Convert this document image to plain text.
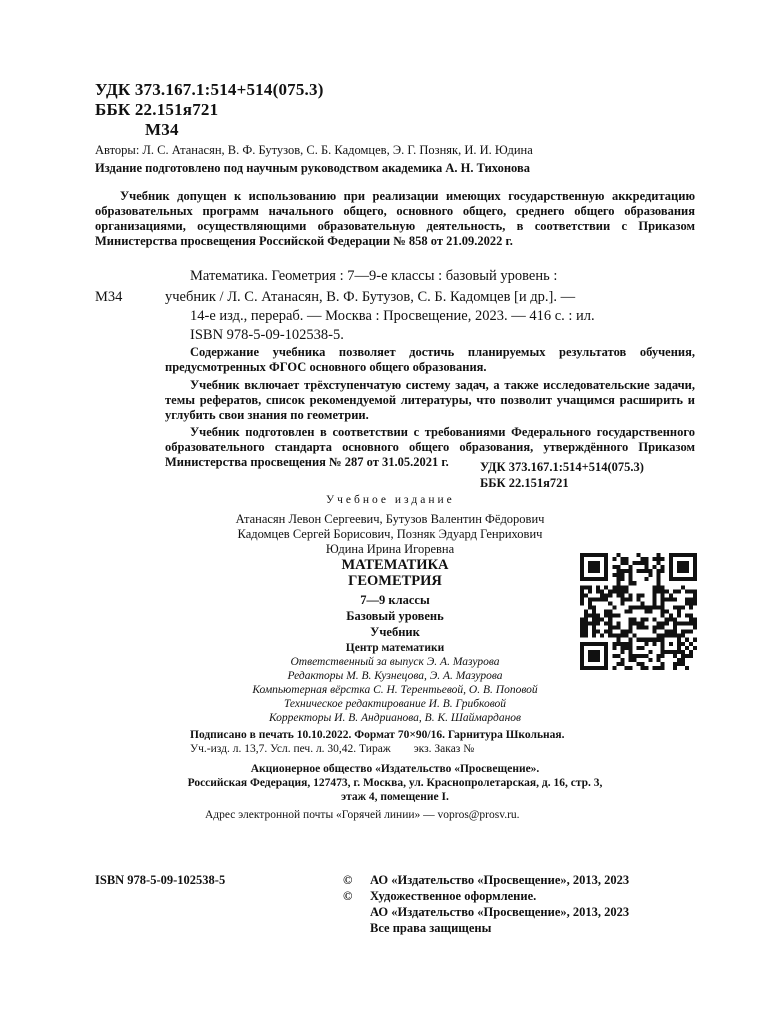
УДК 373.167.1:514+514(075.3)
ББК 22.151я721
М34
Авторы: Л. С. Атанасян, В. Ф. Бутузов, С. Б. Кадомцев, Э. Г. Позняк, И. И. Юдина
Издание подготовлено под научным руководством академика А. Н. Тихонова
Учебник допущен к использованию при реализации имеющих государственную аккредитацию образовательных программ начального общего, основного общего, среднего общего образования организациями, осуществляющими образовательную деятельность, в соответствии с Приказом Министерства просвещения Российской Федерации № 858 от 21.09.2022 г.
М34
Математика. Геометрия : 7—9-е классы : базовый уровень :
учебник / Л. С. Атанасян, В. Ф. Бутузов, С. Б. Кадомцев [и др.]. —
14-е изд., перераб. — Москва : Просвещение, 2023. — 416 с. : ил.
ISBN 978-5-09-102538-5.
Содержание учебника позволяет достичь планируемых результатов обучения, предусмотренных ФГОС основного общего образования.
Учебник включает трёхступенчатую систему задач, а также исследовательские задачи, темы рефератов, список рекомендуемой литературы, что позволит учащимся расширить и углубить свои знания по геометрии.
Учебник подготовлен в соответствии с требованиями Федерального государственного образовательного стандарта основного общего образования, утверждённого Приказом Министерства просвещения № 287 от 31.05.2021 г.	УДК 373.167.1:514+514(075.3)
ББК 22.151я721
Учебное издание
Атанасян Левон Сергеевич, Бутузов Валентин Фёдорович
Кадомцев Сергей Борисович, Позняк Эдуард Генрихович
Юдина Ирина Игоревна
МАТЕМАТИКА
ГЕОМЕТРИЯ
7—9 классы
Базовый уровень
Учебник
Центр математики
Ответственный за выпуск Э. А. Мазурова
Редакторы М. В. Кузнецова, Э. А. Мазурова
Компьютерная вёрстка С. Н. Терентьевой, О. В. Поповой
Техническое редактирование И. В. Грибковой
Корректоры И. В. Андрианова, В. К. Шаймарданов
Подписано в печать 10.10.2022. Формат 70×90/16. Гарнитура Школьная.
Уч.-изд. л. 13,7. Усл. печ. л. 30,42. Тираж        экз. Заказ №
Акционерное общество «Издательство «Просвещение».
Российская Федерация, 127473, г. Москва, ул. Краснопролетарская, д. 16, стр. 3,
этаж 4, помещение I.
Адрес электронной почты «Горячей линии» — vopros@prosv.ru.
ISBN 978-5-09-102538-5	© АО «Издательство «Просвещение», 2013, 2023
© Художественное оформление.
АО «Издательство «Просвещение», 2013, 2023
Все права защищены
